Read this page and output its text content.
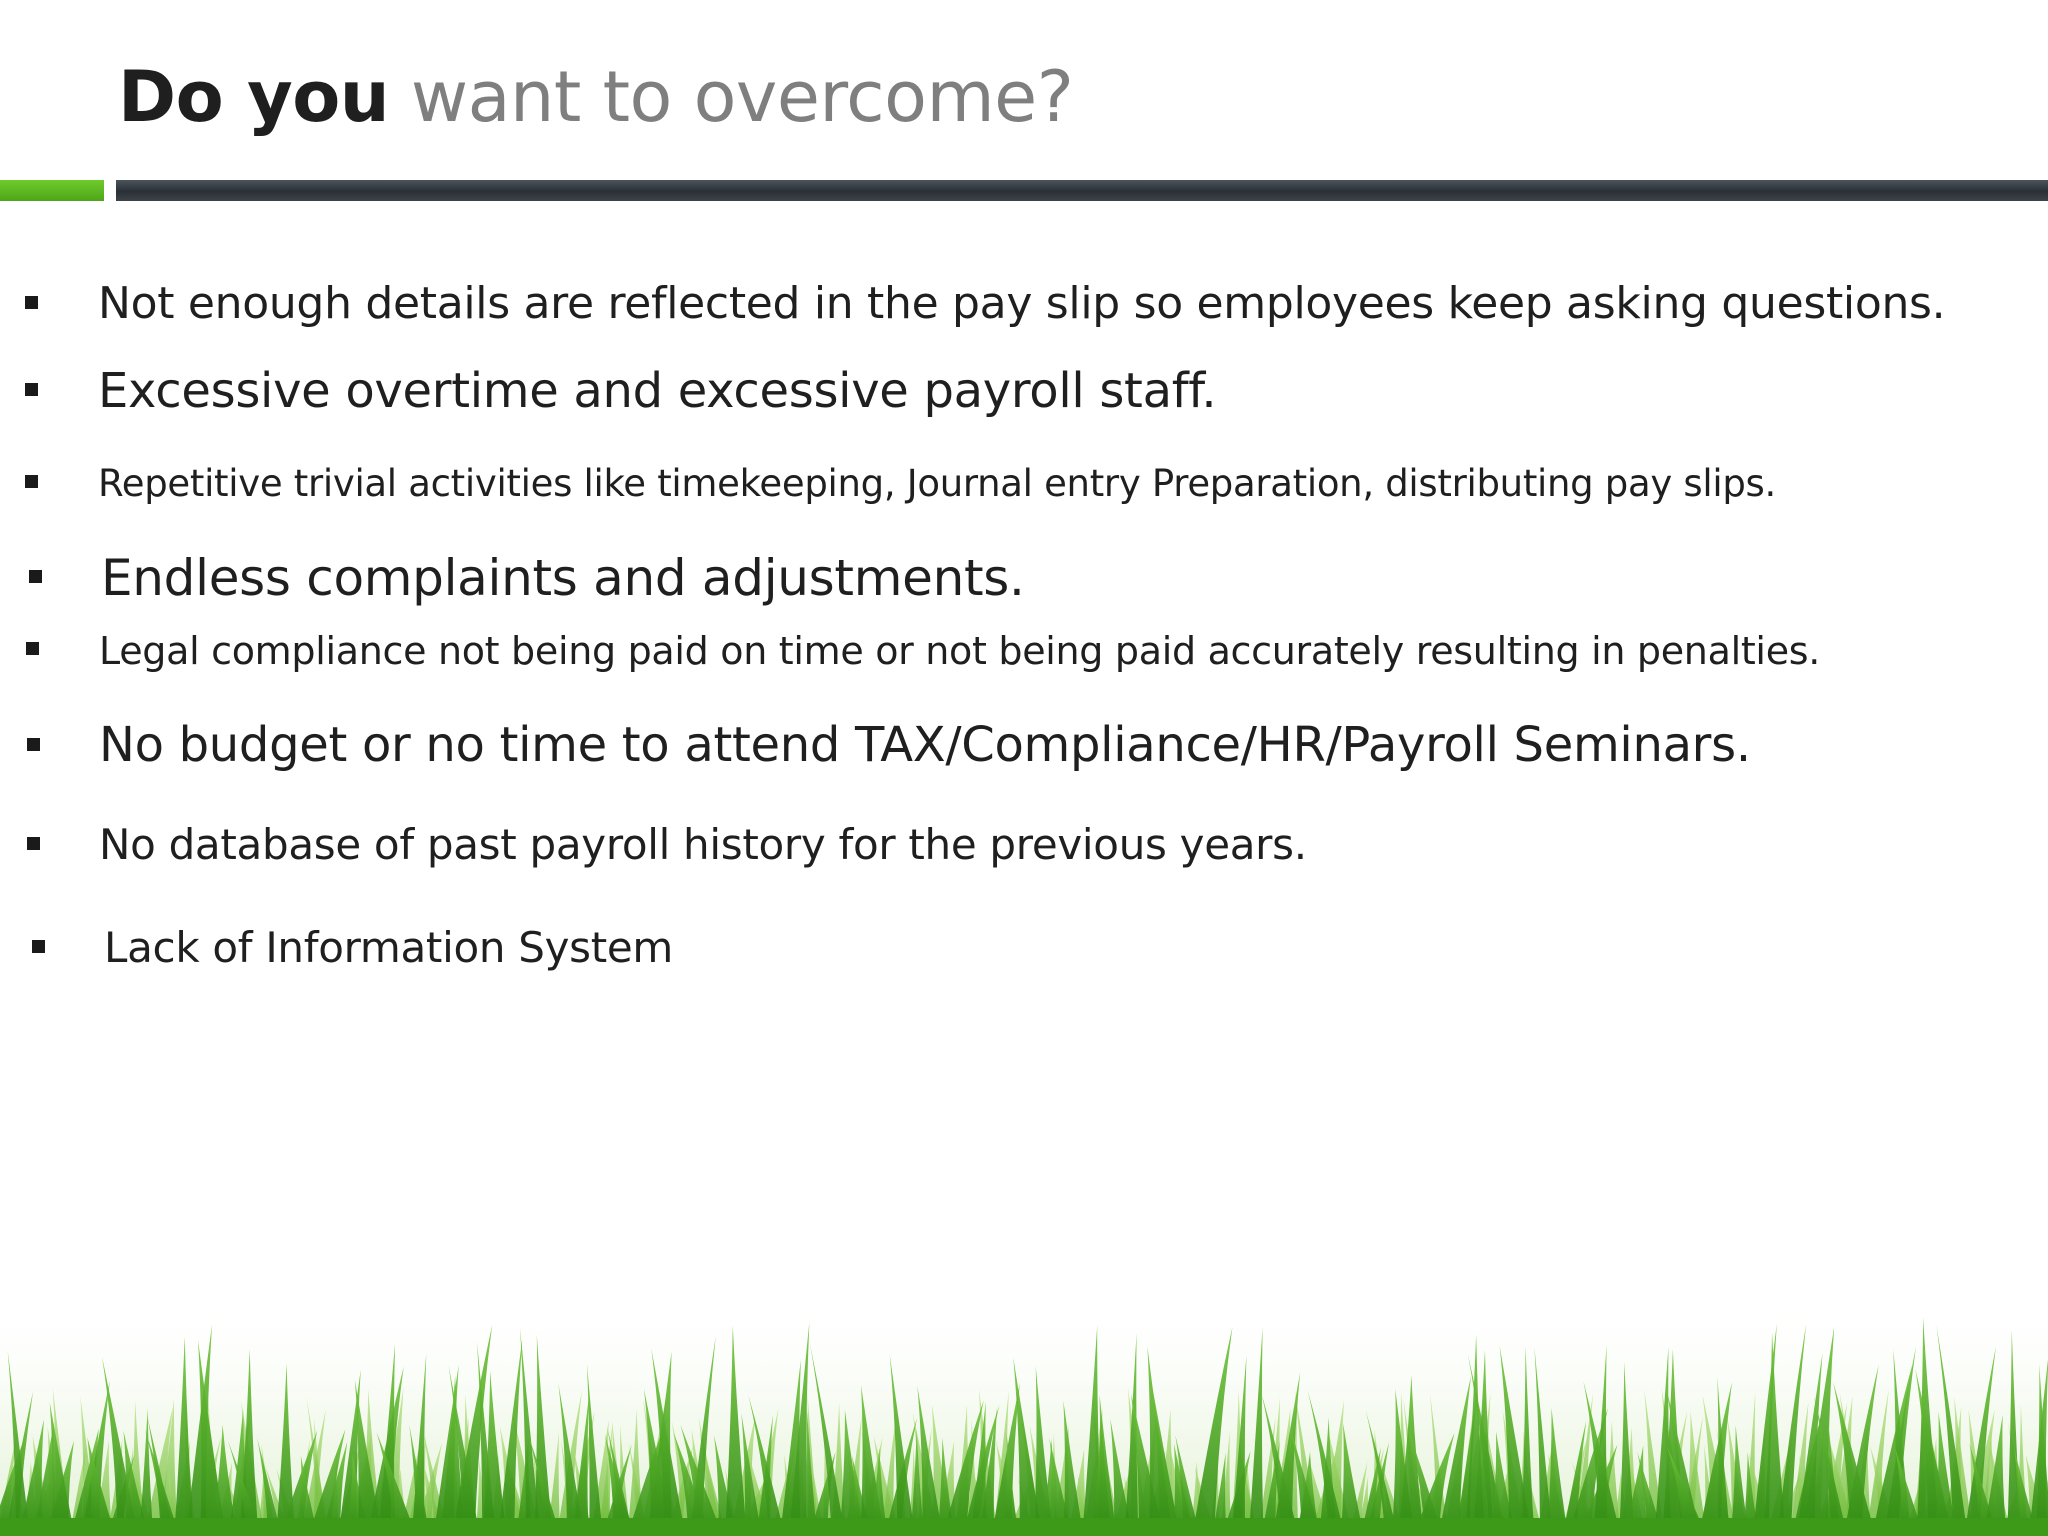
Do you want to overcome?
Not enough details are reflected in the pay slip so employees keep asking questions.
Excessive overtime and excessive payroll staff.
Repetitive trivial activities like timekeeping, Journal entry Preparation, distributing pay slips.
Endless complaints and adjustments.
Legal compliance not being paid on time or not being paid accurately resulting in penalties.
No budget or no time to attend TAX/Compliance/HR/Payroll Seminars.
No database of past payroll history for the previous years.
Lack of Information System
